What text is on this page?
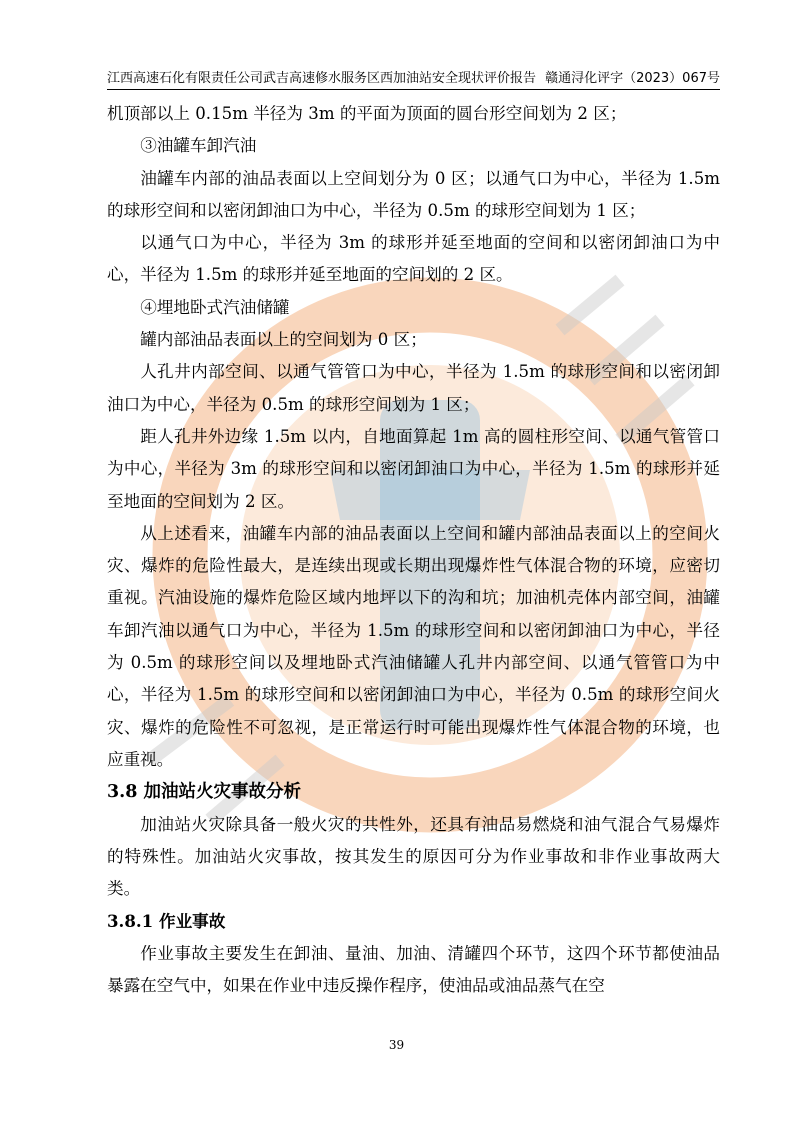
江西高速石化有限责任公司武吉高速修水服务区西加油站安全现状评价报告 赣通浔化评字（2023）067号

机顶部以上 0.15m 半径为 3m 的平面为顶面的圆台形空间划为 2 区；

③油罐车卸汽油

油罐车内部的油品表面以上空间划分为 0 区；以通气口为中心，半径为 1.5m 的球形空间和以密闭卸油口为中心，半径为 0.5m 的球形空间划为 1 区；

以通气口为中心，半径为 3m 的球形并延至地面的空间和以密闭卸油口为中心，半径为 1.5m 的球形并延至地面的空间划的 2 区。

④埋地卧式汽油储罐

罐内部油品表面以上的空间划为 0 区；

人孔井内部空间、以通气管管口为中心，半径为 1.5m 的球形空间和以密闭卸油口为中心，半径为 0.5m 的球形空间划为 1 区；

距人孔井外边缘 1.5m 以内，自地面算起 1m 高的圆柱形空间、以通气管管口为中心，半径为 3m 的球形空间和以密闭卸油口为中心，半径为 1.5m 的球形并延至地面的空间划为 2 区。

从上述看来，油罐车内部的油品表面以上空间和罐内部油品表面以上的空间火灾、爆炸的危险性最大，是连续出现或长期出现爆炸性气体混合物的环境，应密切重视。汽油设施的爆炸危险区域内地坪以下的沟和坑；加油机壳体内部空间，油罐车卸汽油以通气口为中心，半径为 1.5m 的球形空间和以密闭卸油口为中心，半径为 0.5m 的球形空间以及埋地卧式汽油储罐人孔井内部空间、以通气管管口为中心，半径为 1.5m 的球形空间和以密闭卸油口为中心，半径为 0.5m 的球形空间火灾、爆炸的危险性不可忽视，是正常运行时可能出现爆炸性气体混合物的环境，也应重视。

3.8 加油站火灾事故分析

加油站火灾除具备一般火灾的共性外，还具有油品易燃烧和油气混合气易爆炸的特殊性。加油站火灾事故，按其发生的原因可分为作业事故和非作业事故两大类。

3.8.1 作业事故

作业事故主要发生在卸油、量油、加油、清罐四个环节，这四个环节都使油品暴露在空气中，如果在作业中违反操作程序，使油品或油品蒸气在空

39
